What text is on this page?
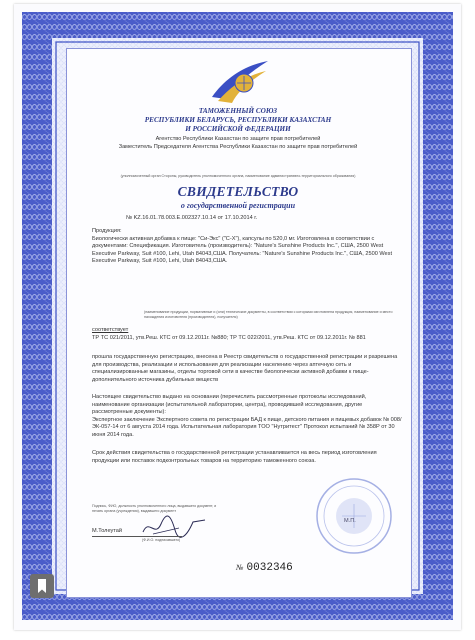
ТАМОЖЕННЫЙ СОЮЗ

РЕСПУБЛИКИ БЕЛАРУСЬ, РЕСПУБЛИКИ КАЗАХСТАН

И РОССИЙСКОЙ ФЕДЕРАЦИИ

Агентство Республики Казахстан по защите прав потребителей

Заместитель Председателя Агентства Республики Казахстан по защите прав потребителей

(уполномоченный орган Стороны, руководитель уполномоченного органа, наименование административно-территориального образования)

СВИДЕТЕЛЬСТВО

о государственной регистрации

№ KZ.16.01.78.003.Е.002327.10.14 от 17.10.2014 г.

Продукция:

Биологически активная добавка к пище: "Си-Экс" ("С-Х"), капсулы по 520,0 мг. Изготовлена в соответствии с документами: Спецификация. Изготовитель (производитель): "Nature's Sunshine Products Inc.", США, 2500 West Executive Parkway, Suit #100, Lehi, Utah 84043,США. Получатель: "Nature's Sunshine Products Inc.", США, 2500 West Executive Parkway, Suit #100, Lehi, Utah 84043,США.

(наименование продукции, нормативные и (или) технические документы, в соответствии с которыми изготовлена продукция, наименование и место нахождения изготовителя (производителя), получателя)

соответствует

ТР ТС 021/2011, утв.Реш. КТС от 09.12.2011г. №880; ТР ТС 022/2011, утв.Реш. КТС от 09.12.2011г. № 881

прошла государственную регистрацию, внесена в Реестр свидетельств о государственной регистрации и разрешена для производства, реализации и использования для реализации населению через аптечную сеть и специализированные магазины, отделы торговой сети в качестве биологически активной добавки к пище-дополнительного источника дубильных веществ

Настоящее свидетельство выдано на основании (перечислить рассмотренные протоколы исследований, наименование организации (испытательной лаборатории, центра), проводившей исследования, другие рассмотренные документы):

Экспертное заключение Экспертного совета по регистрации БАД к пище, детского питания и пищевых добавок № 008/ЭК-057-14 от 6 августа 2014 года. Испытательная лаборатория ТОО "Нутритест" Протокол испытаний № 358Р от 30 июня 2014 года.

Срок действия свидетельства о государственной регистрации устанавливается на весь период изготовления продукции или поставок подконтрольных товаров на территорию таможенного союза.

Подпись, ФИО, должность уполномоченного лица, выдавшего документ, и печать органа (учреждения), выдавшего документ

М.Толеутай

(Ф.И.О. подписавшего)

М.П.

№ 0032346
